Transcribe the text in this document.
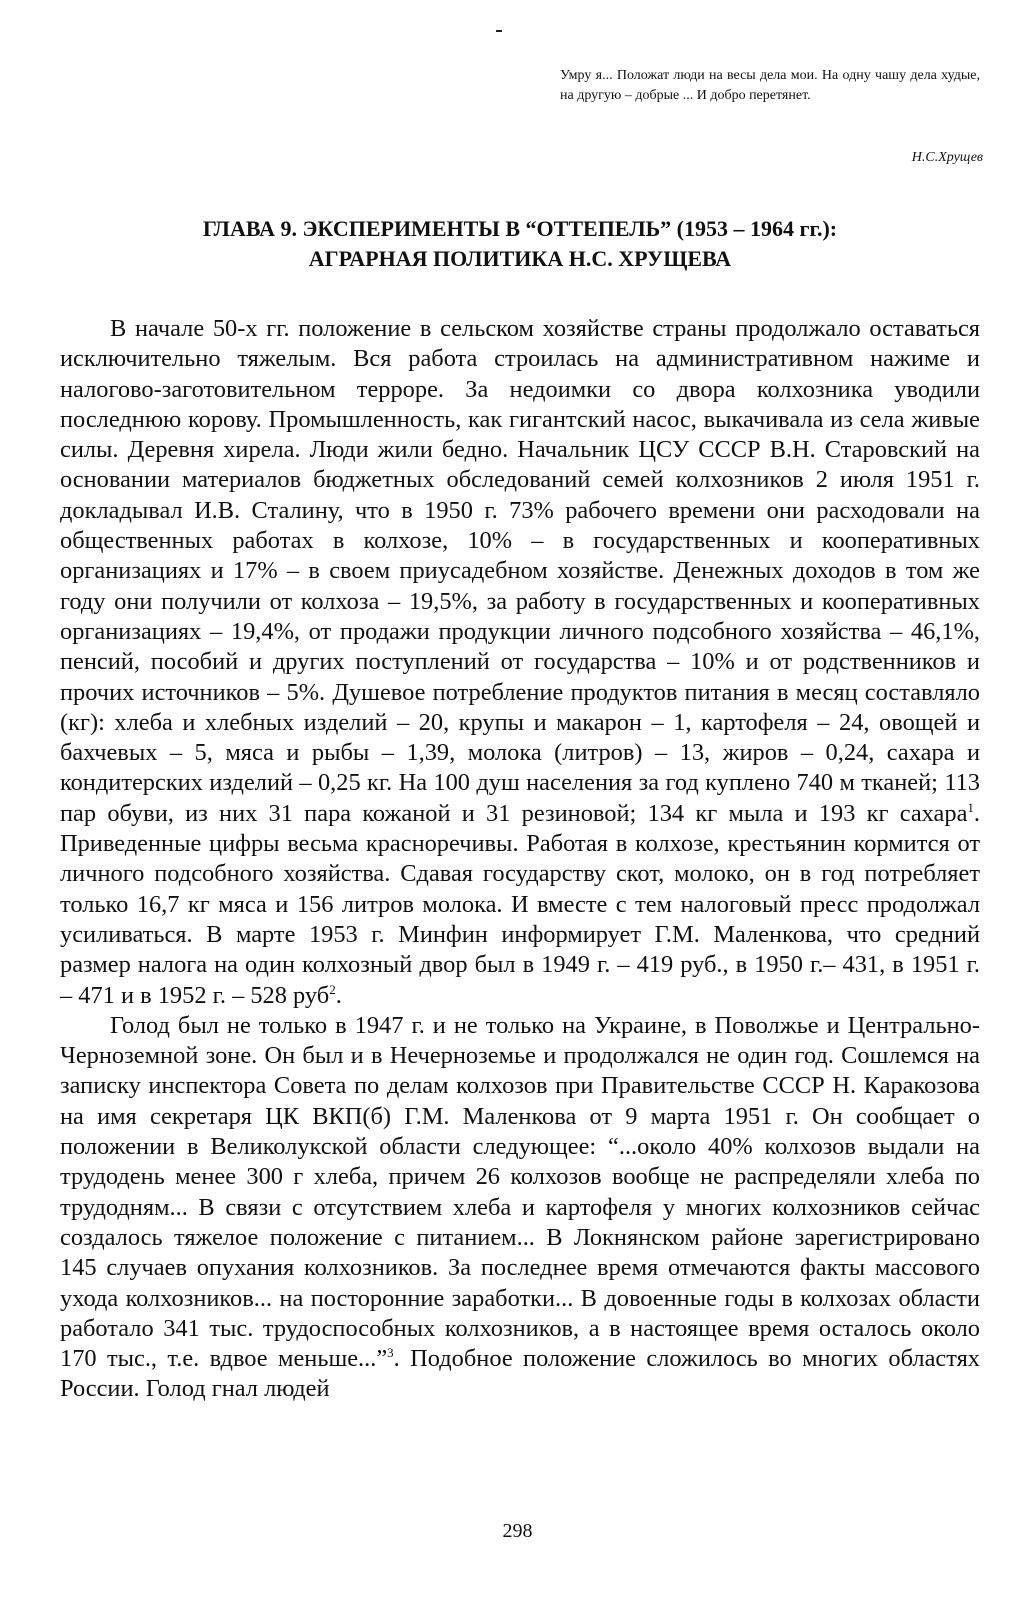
Умру я... Положат люди на весы дела мои. На одну чашу дела худые, на другую – добрые ... И добро перетянет.
Н.С.Хрущев
ГЛАВА 9. ЭКСПЕРИМЕНТЫ В “ОТТЕПЕЛЬ” (1953 – 1964 гг.):
АГРАРНАЯ ПОЛИТИКА Н.С. ХРУЩЕВА

В начале 50-х гг. положение в сельском хозяйстве страны продолжало оставаться исключительно тяжелым. Вся работа строилась на административном нажиме и налогово-заготовительном терроре. За недоимки со двора колхозника уводили последнюю корову. Промышленность, как гигантский насос, выкачивала из села живые силы. Деревня хирела. Люди жили бедно. Начальник ЦСУ СССР В.Н. Старовский на основании материалов бюджетных обследований семей колхозников 2 июля 1951 г. докладывал И.В. Сталину, что в 1950 г. 73% рабочего времени они расходовали на общественных работах в колхозе, 10% – в государственных и кооперативных организациях и 17% – в своем приусадебном хозяйстве. Денежных доходов в том же году они получили от колхоза – 19,5%, за работу в государственных и кооперативных организациях – 19,4%, от продажи продукции личного подсобного хозяйства – 46,1%, пенсий, пособий и других поступлений от государства – 10% и от родственников и прочих источников – 5%. Душевое потребление продуктов питания в месяц составляло (кг): хлеба и хлебных изделий – 20, крупы и макарон – 1, картофеля – 24, овощей и бахчевых – 5, мяса и рыбы – 1,39, молока (литров) – 13, жиров – 0,24, сахара и кондитерских изделий – 0,25 кг. На 100 душ населения за год куплено 740 м тканей; 113 пар обуви, из них 31 пара кожаной и 31 резиновой; 134 кг мыла и 193 кг сахара$^1$. Приведенные цифры весьма красноречивы. Работая в колхозе, крестьянин кормится от личного подсобного хозяйства. Сдавая государству скот, молоко, он в год потребляет только 16,7 кг мяса и 156 литров молока. И вместе с тем налоговый пресс продолжал усиливаться. В марте 1953 г. Минфин информирует Г.М. Маленкова, что средний размер налога на один колхозный двор был в 1949 г. – 419 руб., в 1950 г.– 431, в 1951 г. – 471 и в 1952 г. – 528 руб$^2$.

Голод был не только в 1947 г. и не только на Украине, в Поволжье и Центрально-Черноземной зоне. Он был и в Нечерноземье и продолжался не один год. Сошлемся на записку инспектора Совета по делам колхозов при Правительстве СССР Н. Каракозова на имя секретаря ЦК ВКП(б) Г.М. Маленкова от 9 марта 1951 г. Он сообщает о положении в Великолукской области следующее: “...около 40% колхозов выдали на трудодень менее 300 г хлеба, причем 26 колхозов вообще не распределяли хлеба по трудодням... В связи с отсутствием хлеба и картофеля у многих колхозников сейчас создалось тяжелое положение с питанием... В Локнянском районе зарегистрировано 145 случаев опухания колхозников. За последнее время отмечаются факты массового ухода колхозников... на посторонние заработки... В довоенные годы в колхозах области работало 341 тыс. трудоспособных колхозников, а в настоящее время осталось около 170 тыс., т.е. вдвое меньше...”$^3$. Подобное положение сложилось во многих областях России. Голод гнал людей

298
